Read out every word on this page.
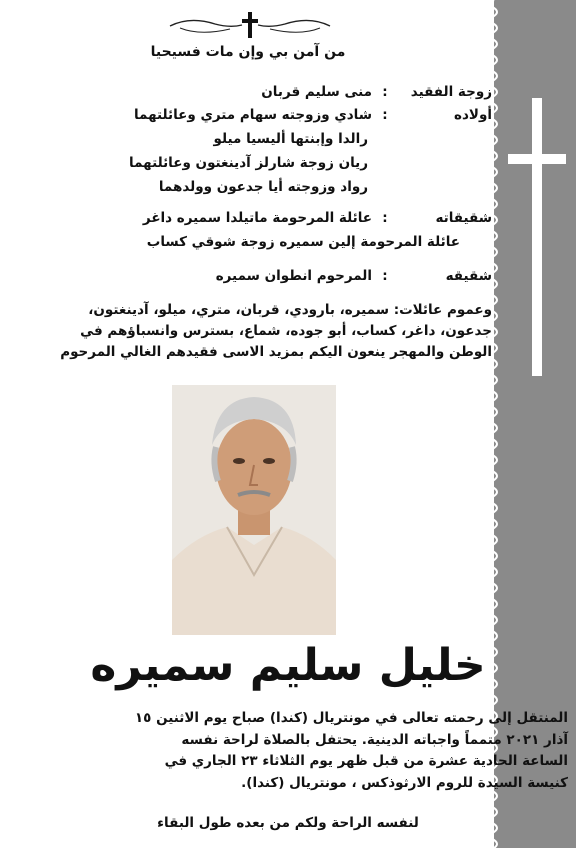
من آمن بي وإن مات فسيحيا
زوجة الفقيد:منى سليم قربان
أولاده:شادي وزوجته سهام متري وعائلتهما
رالدا وإبنتها أليسيا ميلو
ريان زوجة شارلز آدينغتون وعائلتهما
رواد وزوجته أيا جدعون وولدهما
شقيقاته:عائلة المرحومة ماتيلدا سميره داغر
عائلة المرحومة إلين سميره زوجة شوقي كساب
شقيقه:المرحوم انطوان سميره
وعموم عائلات: سميره، بارودي، قربان، متري، ميلو، آدينغتون،
جدعون، داغر، كساب، أبو جوده، شماع، بسترس وانسباؤهم في
الوطن والمهجر ينعون اليكم بمزيد الاسى فقيدهم الغالي المرحوم
خليل سليم سميره
المنتقل إلى رحمته تعالى في مونتريال (كندا) صباح يوم الاثنين ١٥
آذار ٢٠٢١ متمماً واجباته الدينية. يحتفل بالصلاة لراحة نفسه
الساعة الحادية عشرة من قبل ظهر يوم الثلاثاء ٢٣ الجاري في
كنيسة السيدة للروم الارثوذكس ، مونتريال (كندا).
لنفسه الراحة ولكم من بعده طول البقاء
